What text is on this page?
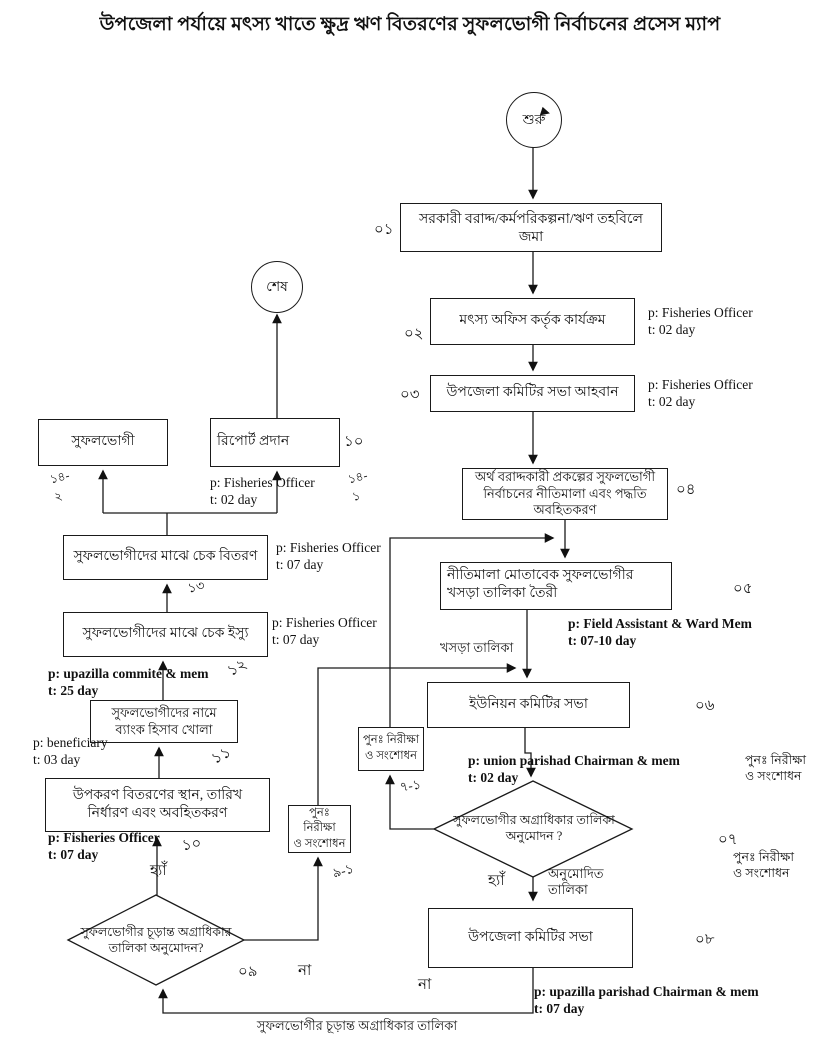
উপজেলা পর্যায়ে মৎস্য খাতে ক্ষুদ্র ঋণ বিতরণের সুফলভোগী নির্বাচনের প্রসেস ম্যাপ
শুরু
শেষ
সরকারী বরাদ্দ/কর্মপরিকল্পনা/ঋণ তহবিলে জমা
মৎস্য অফিস কর্তৃক কার্যক্রম
উপজেলা কমিটির সভা আহবান
অর্থ বরাদ্দকারী প্রকল্পের সুফলভোগী নির্বাচনের নীতিমালা এবং পদ্ধতি অবহিতকরণ
নীতিমালা মোতাবেক সুফলভোগীর খসড়া তালিকা তৈরী
ইউনিয়ন কমিটির সভা
উপজেলা কমিটির সভা
উপকরণ বিতরণের স্থান, তারিখ নির্ধারণ এবং অবহিতকরণ
সুফলভোগীদের নামে ব্যাংক হিসাব খোলা
সুফলভোগীদের মাঝে চেক ইস্যু
সুফলভোগীদের মাঝে চেক বিতরণ
সুফলভোগী	রিপোর্ট প্রদান
পুনঃ নিরীক্ষা
ও সংশোধন
পুনঃ নিরীক্ষা
ও সংশোধন
সুফলভোগীর অগ্রাধিকার তালিকা
অনুমোদন ?
সুফলভোগীর চূড়ান্ত অগ্রাধিকার
তালিকা অনুমোদন?
০১
০২
০৩
০৪
০৫
০৬
০৭
০৮
০৯
১০
১১
১২
১৩
১০
১৪-
১
১৪-
২
৭-১
৯-১
p: Fisheries Officer
t: 02 day
p: Fisheries Officer
t: 02 day
p: Field Assistant & Ward Mem
t: 07-10 day
p: union parishad Chairman & mem
t: 02 day
p: upazilla parishad Chairman & mem
t: 07 day
p: Fisheries Officer
t: 07 day
p: beneficiary
t: 03 day
p: upazilla commite & mem
t: 25 day
p: Fisheries Officer
t: 07 day
p: Fisheries Officer
t: 07 day
p: Fisheries Officer
t: 02 day
খসড়া তালিকা
হ্যাঁ	অনুমোদিত
তালিকা
না
না
হ্যাঁ
সুফলভোগীর চূড়ান্ত অগ্রাধিকার তালিকা
পুনঃ নিরীক্ষা
ও সংশোধন
পুনঃ নিরীক্ষা
ও সংশোধন
